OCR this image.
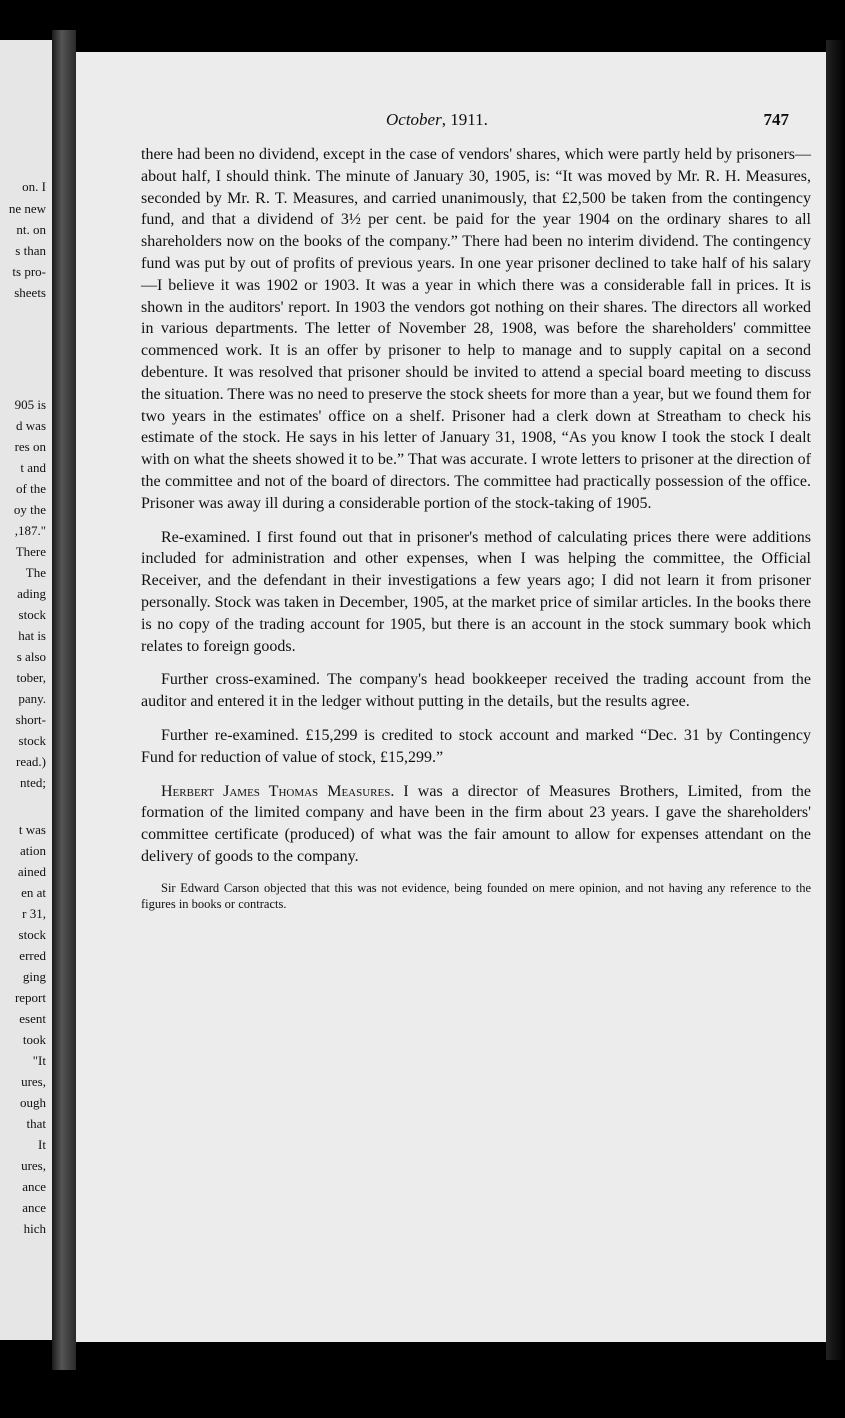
on. I
ne new
nt. on
s than
ts pro-
sheets
905 is
d was
res on
t and
of the
oy the
,187."
There
The
ading
stock
hat is
s also
tober,
pany.
short-
stock
read.)
nted;
t was
ation
ained
en at
r 31,
stock
erred
ging
report
esent
took
"It
ures,
ough
that
It
ures,
ance
ance
hich
October, 1911.	747

there had been no dividend, except in the case of vendors' shares, which were partly held by prisoners—about half, I should think. The minute of January 30, 1905, is: “It was moved by Mr. R. H. Measures, seconded by Mr. R. T. Measures, and carried unanimously, that £2,500 be taken from the contingency fund, and that a dividend of 3½ per cent. be paid for the year 1904 on the ordinary shares to all shareholders now on the books of the company.” There had been no interim dividend. The contingency fund was put by out of profits of previous years. In one year prisoner declined to take half of his salary—I believe it was 1902 or 1903. It was a year in which there was a considerable fall in prices. It is shown in the auditors' report. In 1903 the vendors got nothing on their shares. The directors all worked in various departments. The letter of November 28, 1908, was before the shareholders' committee commenced work. It is an offer by prisoner to help to manage and to supply capital on a second debenture. It was resolved that prisoner should be invited to attend a special board meeting to discuss the situation. There was no need to preserve the stock sheets for more than a year, but we found them for two years in the estimates' office on a shelf. Prisoner had a clerk down at Streatham to check his estimate of the stock. He says in his letter of January 31, 1908, “As you know I took the stock I dealt with on what the sheets showed it to be.” That was accurate. I wrote letters to prisoner at the direction of the committee and not of the board of directors. The committee had practically possession of the office. Prisoner was away ill during a considerable portion of the stock-taking of 1905.

Re-examined. I first found out that in prisoner's method of calculating prices there were additions included for administration and other expenses, when I was helping the committee, the Official Receiver, and the defendant in their investigations a few years ago; I did not learn it from prisoner personally. Stock was taken in December, 1905, at the market price of similar articles. In the books there is no copy of the trading account for 1905, but there is an account in the stock summary book which relates to foreign goods.

Further cross-examined. The company's head bookkeeper received the trading account from the auditor and entered it in the ledger without putting in the details, but the results agree.

Further re-examined. £15,299 is credited to stock account and marked “Dec. 31 by Contingency Fund for reduction of value of stock, £15,299.”

Herbert James Thomas Measures. I was a director of Measures Brothers, Limited, from the formation of the limited company and have been in the firm about 23 years. I gave the shareholders' committee certificate (produced) of what was the fair amount to allow for expenses attendant on the delivery of goods to the company.

Sir Edward Carson objected that this was not evidence, being founded on mere opinion, and not having any reference to the figures in books or contracts.
